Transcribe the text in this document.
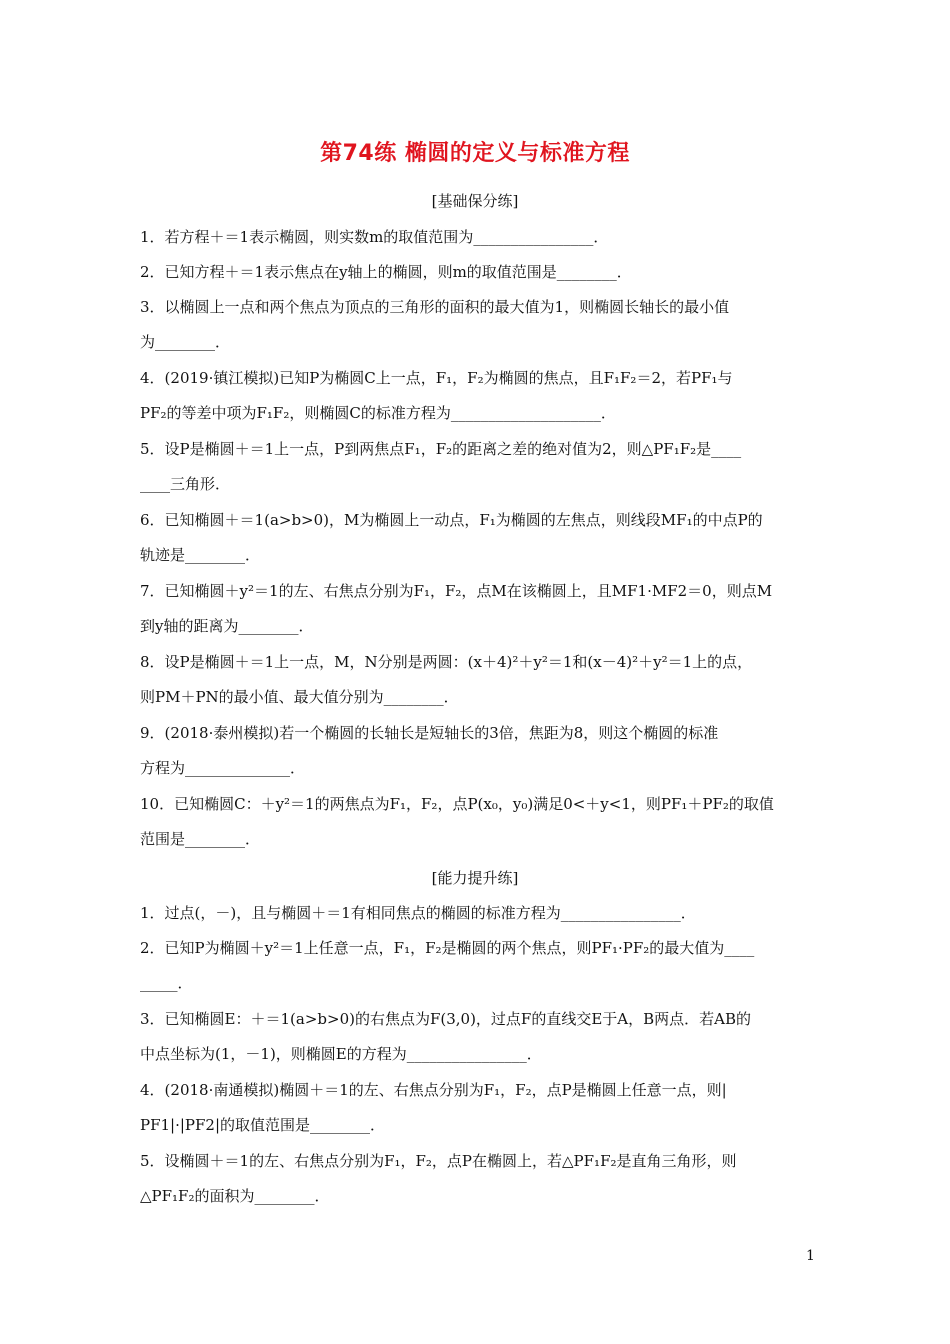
第74练 椭圆的定义与标准方程
[基础保分练]
1．若方程＋＝1表示椭圆，则实数m的取值范围为________________．
2．已知方程＋＝1表示焦点在y轴上的椭圆，则m的取值范围是________．
3．以椭圆上一点和两个焦点为顶点的三角形的面积的最大值为1，则椭圆长轴长的最小值
为________．
4．(2019·镇江模拟)已知P为椭圆C上一点，F₁，F₂为椭圆的焦点，且F₁F₂＝2，若PF₁与
PF₂的等差中项为F₁F₂，则椭圆C的标准方程为____________________．
5．设P是椭圆＋＝1上一点，P到两焦点F₁，F₂的距离之差的绝对值为2，则△PF₁F₂是____
____三角形．
6．已知椭圆＋＝1(a>b>0)，M为椭圆上一动点，F₁为椭圆的左焦点，则线段MF₁的中点P的
轨迹是________．
7．已知椭圆＋y²＝1的左、右焦点分别为F₁，F₂，点M在该椭圆上，且MF1·MF2＝0，则点M
到y轴的距离为________．
8．设P是椭圆＋＝1上一点，M，N分别是两圆：(x＋4)²＋y²＝1和(x－4)²＋y²＝1上的点，
则PM＋PN的最小值、最大值分别为________．
9．(2018·泰州模拟)若一个椭圆的长轴长是短轴长的3倍，焦距为8，则这个椭圆的标准
方程为______________．
10．已知椭圆C：＋y²＝1的两焦点为F₁，F₂，点P(x₀，y₀)满足0<＋y<1，则PF₁＋PF₂的取值
范围是________．
[能力提升练]
1．过点(，－)，且与椭圆＋＝1有相同焦点的椭圆的标准方程为________________．
2．已知P为椭圆＋y²＝1上任意一点，F₁，F₂是椭圆的两个焦点，则PF₁·PF₂的最大值为____
_____．
3．已知椭圆E：＋＝1(a>b>0)的右焦点为F(3,0)，过点F的直线交E于A，B两点．若AB的
中点坐标为(1，－1)，则椭圆E的方程为________________．
4．(2018·南通模拟)椭圆＋＝1的左、右焦点分别为F₁，F₂，点P是椭圆上任意一点，则|
PF1|·|PF2|的取值范围是________．
5．设椭圆＋＝1的左、右焦点分别为F₁，F₂，点P在椭圆上，若△PF₁F₂是直角三角形，则
△PF₁F₂的面积为________．
1
